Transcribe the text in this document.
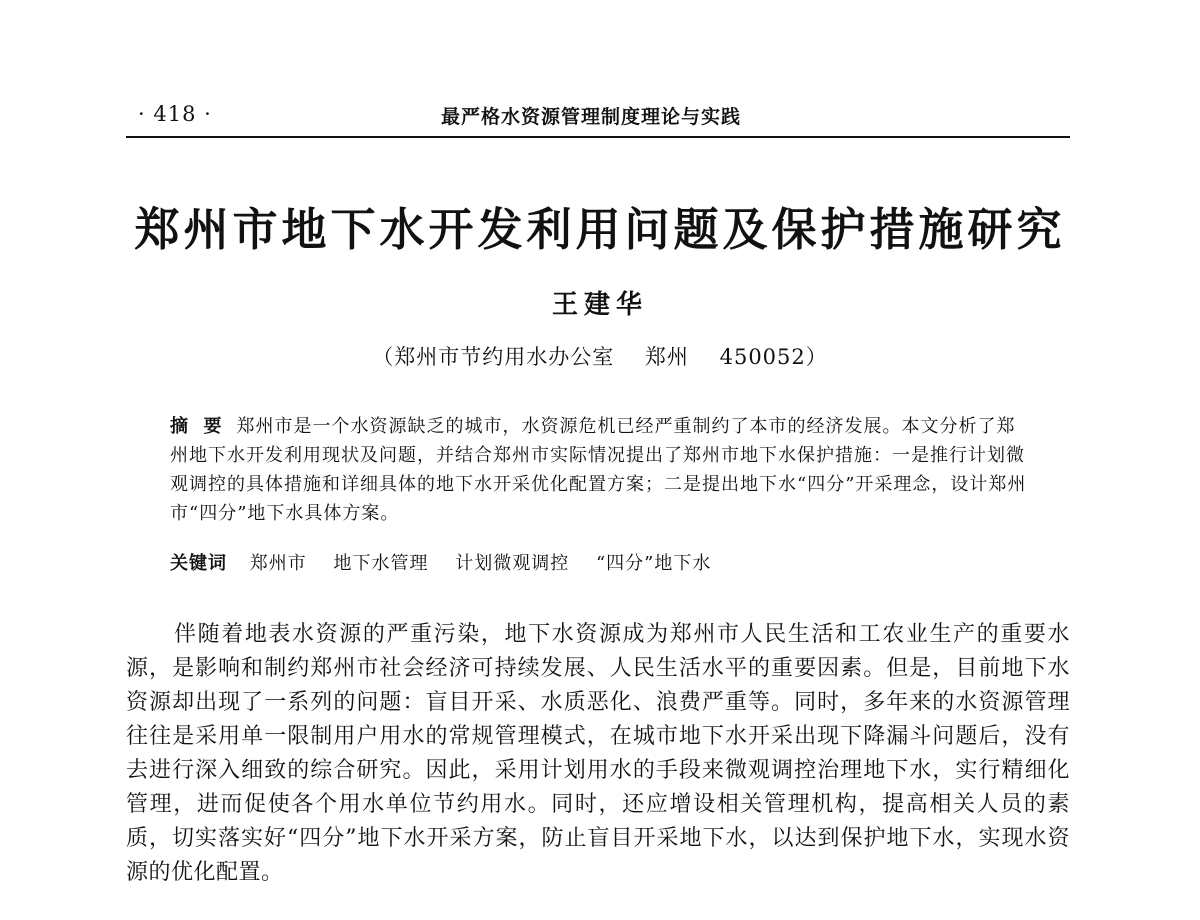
· 418 ·	最严格水资源管理制度理论与实践
郑州市地下水开发利用问题及保护措施研究
王建华
（郑州市节约用水办公室    郑州    450052）
摘  要 郑州市是一个水资源缺乏的城市，水资源危机已经严重制约了本市的经济发展。本文分析了郑州地下水开发利用现状及问题，并结合郑州市实际情况提出了郑州市地下水保护措施：一是推行计划微观调控的具体措施和详细具体的地下水开采优化配置方案；二是提出地下水“四分”开采理念，设计郑州市“四分”地下水具体方案。
关键词 郑州市 地下水管理 计划微观调控 “四分”地下水

伴随着地表水资源的严重污染，地下水资源成为郑州市人民生活和工农业生产的重要水源，是影响和制约郑州市社会经济可持续发展、人民生活水平的重要因素。但是，目前地下水资源却出现了一系列的问题：盲目开采、水质恶化、浪费严重等。同时，多年来的水资源管理往往是采用单一限制用户用水的常规管理模式，在城市地下水开采出现下降漏斗问题后，没有去进行深入细致的综合研究。因此，采用计划用水的手段来微观调控治理地下水，实行精细化管理，进而促使各个用水单位节约用水。同时，还应增设相关管理机构，提高相关人员的素质，切实落实好“四分”地下水开采方案，防止盲目开采地下水，以达到保护地下水，实现水资源的优化配置。
